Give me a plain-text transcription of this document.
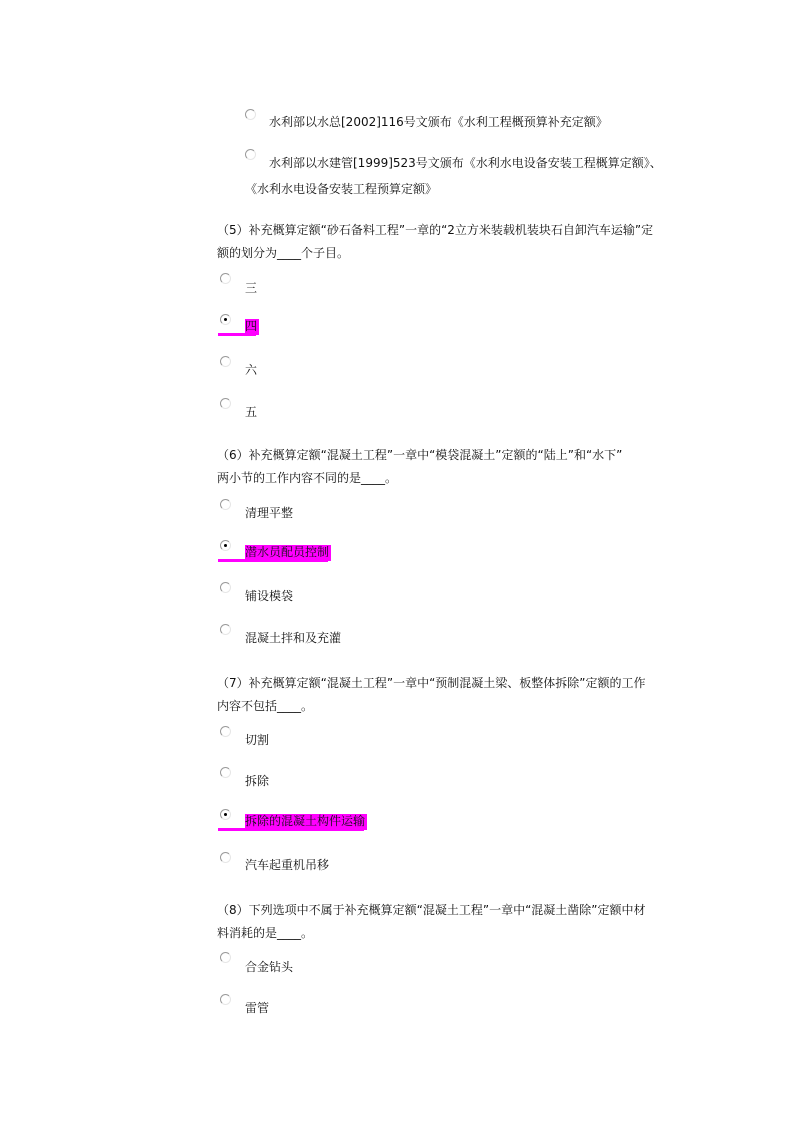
水利部以水总[2002]116号文颁布《水利工程概预算补充定额》
水利部以水建管[1999]523号文颁布《水利水电设备安装工程概算定额》、
《水利水电设备安装工程预算定额》
（5）补充概算定额“砂石备料工程”一章的“2立方米装载机装块石自卸汽车运输”定
额的划分为____个子目。
三
四
六
五
（6）补充概算定额“混凝土工程”一章中“模袋混凝土”定额的“陆上”和“水下”
两小节的工作内容不同的是____。
清理平整
潜水员配员控制
铺设模袋
混凝土拌和及充灌
（7）补充概算定额“混凝土工程”一章中“预制混凝土梁、板整体拆除”定额的工作
内容不包括____。
切割
拆除
拆除的混凝土构件运输
汽车起重机吊移
（8）下列选项中不属于补充概算定额“混凝土工程”一章中“混凝土凿除”定额中材
料消耗的是____。
合金钻头
雷管
